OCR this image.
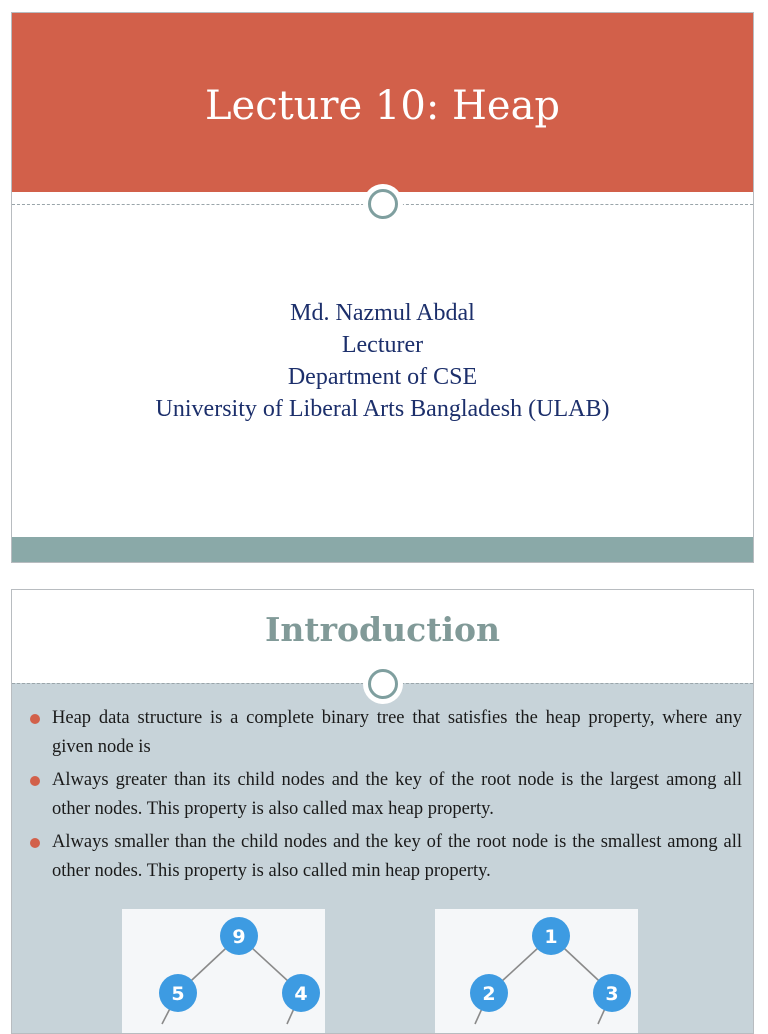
Lecture 10: Heap
Md. Nazmul Abdal
Lecturer
Department of CSE
University of Liberal Arts Bangladesh (ULAB)
Introduction
Heap data structure is a complete binary tree that satisfies the heap property, where any given node is
Always greater than its child nodes and the key of the root node is the largest among all other nodes. This property is also called max heap property.
Always smaller than the child nodes and the key of the root node is the smallest among all other nodes. This property is also called min heap property.
9
5	4
1
2	3
